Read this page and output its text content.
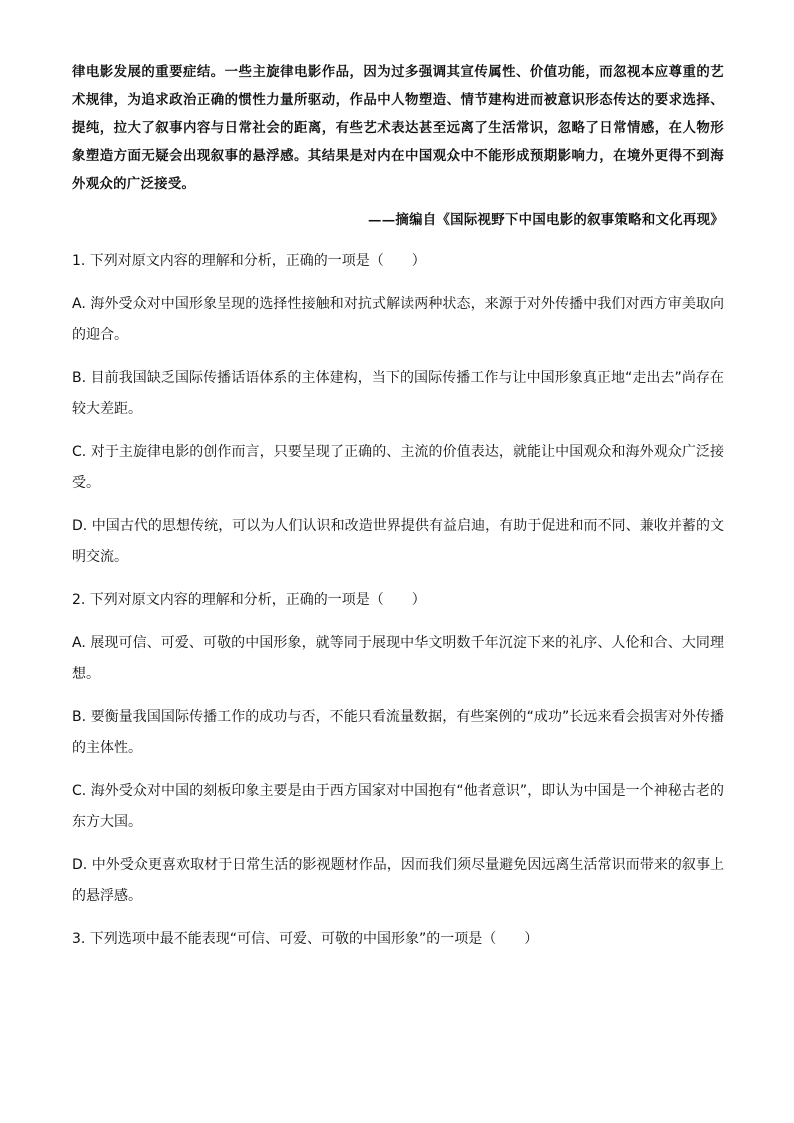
律电影发展的重要症结。一些主旋律电影作品，因为过多强调其宣传属性、价值功能，而忽视本应尊重的艺术规律，为追求政治正确的惯性力量所驱动，作品中人物塑造、情节建构进而被意识形态传达的要求选择、提纯，拉大了叙事内容与日常社会的距离，有些艺术表达甚至远离了生活常识，忽略了日常情感，在人物形象塑造方面无疑会出现叙事的悬浮感。其结果是对内在中国观众中不能形成预期影响力，在境外更得不到海外观众的广泛接受。

——摘编自《国际视野下中国电影的叙事策略和文化再现》

1. 下列对原文内容的理解和分析，正确的一项是（　　）

A. 海外受众对中国形象呈现的选择性接触和对抗式解读两种状态，来源于对外传播中我们对西方审美取向的迎合。

B. 目前我国缺乏国际传播话语体系的主体建构，当下的国际传播工作与让中国形象真正地“走出去”尚存在较大差距。

C. 对于主旋律电影的创作而言，只要呈现了正确的、主流的价值表达，就能让中国观众和海外观众广泛接受。

D. 中国古代的思想传统，可以为人们认识和改造世界提供有益启迪，有助于促进和而不同、兼收并蓄的文明交流。

2. 下列对原文内容的理解和分析，正确的一项是（　　）

A. 展现可信、可爱、可敬的中国形象，就等同于展现中华文明数千年沉淀下来的礼序、人伦和合、大同理想。

B. 要衡量我国国际传播工作的成功与否，不能只看流量数据，有些案例的“成功”长远来看会损害对外传播的主体性。

C. 海外受众对中国的刻板印象主要是由于西方国家对中国抱有“他者意识”，即认为中国是一个神秘古老的东方大国。

D. 中外受众更喜欢取材于日常生活的影视题材作品，因而我们须尽量避免因远离生活常识而带来的叙事上的悬浮感。

3. 下列选项中最不能表现“可信、可爱、可敬的中国形象”的一项是（　　）
